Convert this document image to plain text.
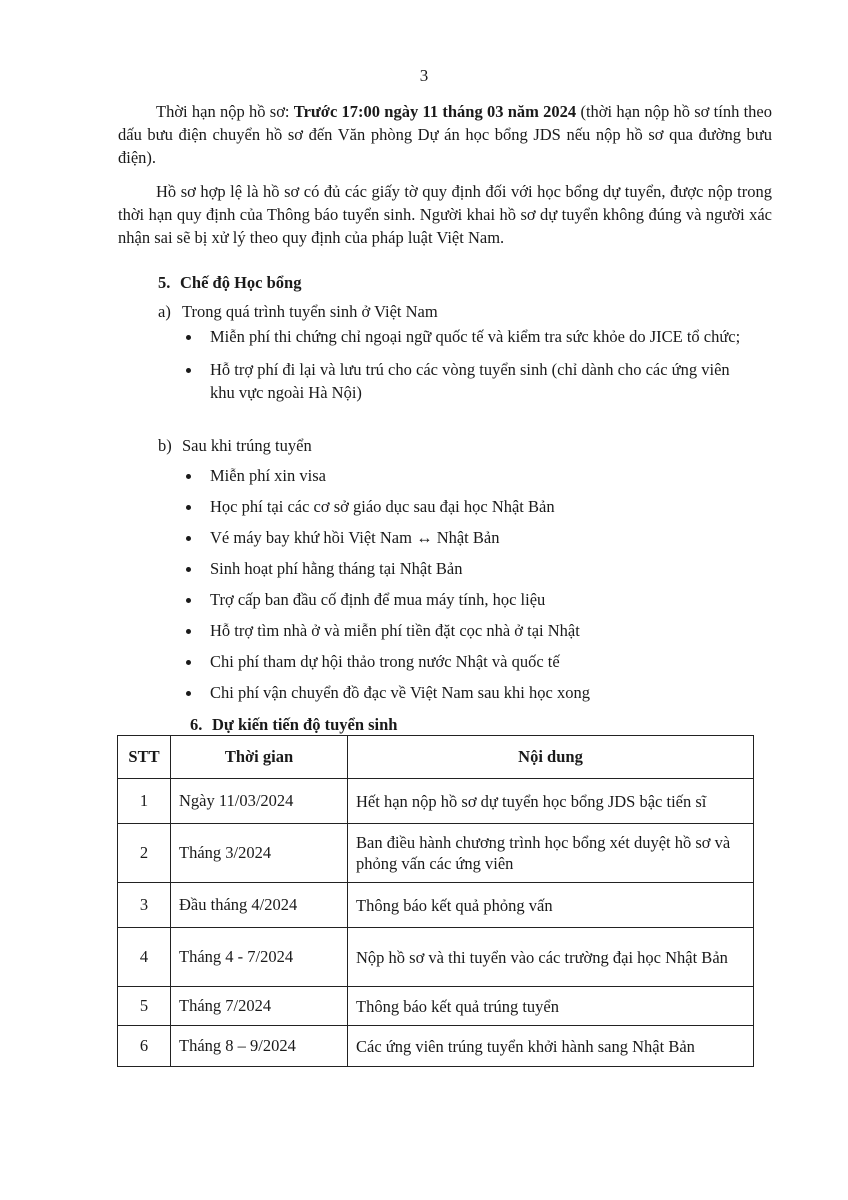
3
Thời hạn nộp hồ sơ: Trước 17:00 ngày 11 tháng 03 năm 2024 (thời hạn nộp hồ sơ tính theo dấu bưu điện chuyển hồ sơ đến Văn phòng Dự án học bổng JDS nếu nộp hồ sơ qua đường bưu điện).
Hồ sơ hợp lệ là hồ sơ có đủ các giấy tờ quy định đối với học bổng dự tuyển, được nộp trong thời hạn quy định của Thông báo tuyển sinh. Người khai hồ sơ dự tuyển không đúng và người xác nhận sai sẽ bị xử lý theo quy định của pháp luật Việt Nam.
5. Chế độ Học bổng
a) Trong quá trình tuyển sinh ở Việt Nam
Miễn phí thi chứng chỉ ngoại ngữ quốc tế và kiểm tra sức khỏe do JICE tổ chức;
Hỗ trợ phí đi lại và lưu trú cho các vòng tuyển sinh (chỉ dành cho các ứng viên khu vực ngoài Hà Nội)
b) Sau khi trúng tuyển
Miễn phí xin visa
Học phí tại các cơ sở giáo dục sau đại học Nhật Bản
Vé máy bay khứ hồi Việt Nam ↔ Nhật Bản
Sinh hoạt phí hằng tháng tại Nhật Bản
Trợ cấp ban đầu cố định để mua máy tính, học liệu
Hỗ trợ tìm nhà ở và miễn phí tiền đặt cọc nhà ở tại Nhật
Chi phí tham dự hội thảo trong nước Nhật và quốc tế
Chi phí vận chuyển đồ đạc về Việt Nam sau khi học xong
6. Dự kiến tiến độ tuyển sinh
STT	Thời gian	Nội dung
1	Ngày 11/03/2024	Hết hạn nộp hồ sơ dự tuyển học bổng JDS bậc tiến sĩ
2	Tháng 3/2024	Ban điều hành chương trình học bổng xét duyệt hồ sơ và phỏng vấn các ứng viên
3	Đầu tháng 4/2024	Thông báo kết quả phỏng vấn
4	Tháng 4 - 7/2024	Nộp hồ sơ và thi tuyển vào các trường đại học Nhật Bản
5	Tháng 7/2024	Thông báo kết quả trúng tuyển
6	Tháng 8 – 9/2024	Các ứng viên trúng tuyển khởi hành sang Nhật Bản
